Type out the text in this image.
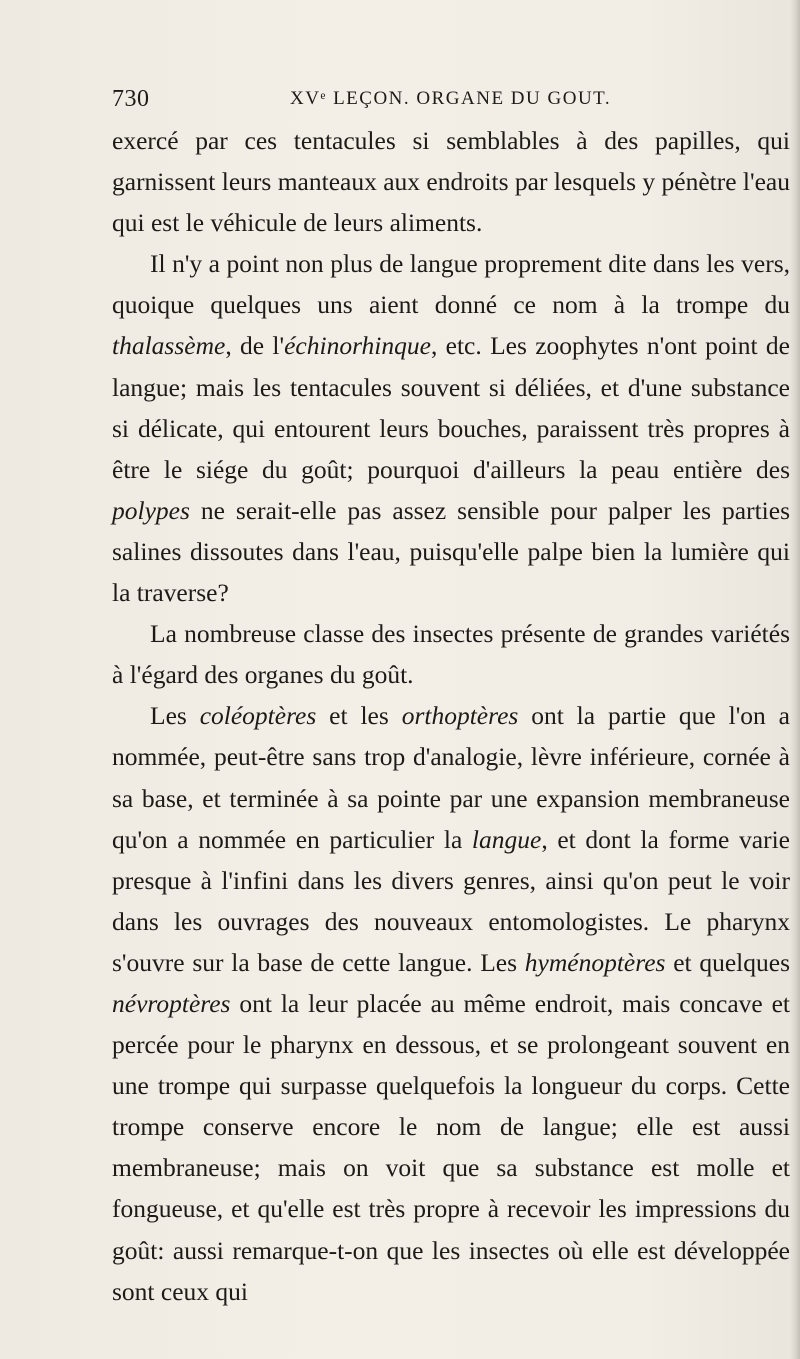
730	XVᵉ LEÇON. ORGANE DU GOUT.

exercé par ces tentacules si semblables à des papilles, qui garnissent leurs manteaux aux endroits par lesquels y pénètre l'eau qui est le véhicule de leurs aliments.

Il n'y a point non plus de langue proprement dite dans les vers, quoique quelques uns aient donné ce nom à la trompe du thalassème, de l'échinorhinque, etc. Les zoophytes n'ont point de langue; mais les tentacules souvent si déliées, et d'une substance si délicate, qui entourent leurs bouches, paraissent très propres à être le siége du goût; pourquoi d'ailleurs la peau entière des polypes ne serait-elle pas assez sensible pour palper les parties salines dissoutes dans l'eau, puisqu'elle palpe bien la lumière qui la traverse?

La nombreuse classe des insectes présente de grandes variétés à l'égard des organes du goût.

Les coléoptères et les orthoptères ont la partie que l'on a nommée, peut-être sans trop d'analogie, lèvre inférieure, cornée à sa base, et terminée à sa pointe par une expansion membraneuse qu'on a nommée en particulier la langue, et dont la forme varie presque à l'infini dans les divers genres, ainsi qu'on peut le voir dans les ouvrages des nouveaux entomologistes. Le pharynx s'ouvre sur la base de cette langue. Les hyménoptères et quelques névroptères ont la leur placée au même endroit, mais concave et percée pour le pharynx en dessous, et se prolongeant souvent en une trompe qui surpasse quelquefois la longueur du corps. Cette trompe conserve encore le nom de langue; elle est aussi membraneuse; mais on voit que sa substance est molle et fongueuse, et qu'elle est très propre à recevoir les impressions du goût: aussi remarque-t-on que les insectes où elle est développée sont ceux qui
